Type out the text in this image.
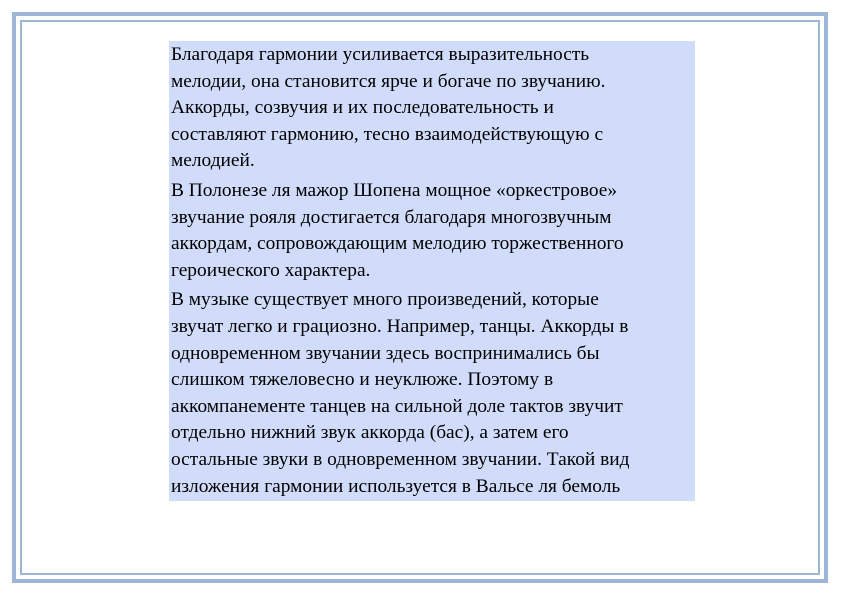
Благодаря гармонии усиливается выразительность
мелодии, она становится ярче и богаче по звучанию.
Аккорды, созвучия и их последовательность и
составляют гармонию, тесно взаимодействующую с
мелодией.

В Полонезе ля мажор Шопена мощное «оркестровое»
звучание рояля достигается благодаря многозвучным
аккордам, сопровождающим мелодию торжественного
героического характера.

В музыке существует много произведений, которые
звучат легко и грациозно. Например, танцы. Аккорды в
одновременном звучании здесь воспринимались бы
слишком тяжеловесно и неуклюже. Поэтому в
аккомпанементе танцев на сильной доле тактов звучит
отдельно нижний звук аккорда (бас), а затем его
остальные звуки в одновременном звучании. Такой вид
изложения гармонии используется в Вальсе ля бемоль
